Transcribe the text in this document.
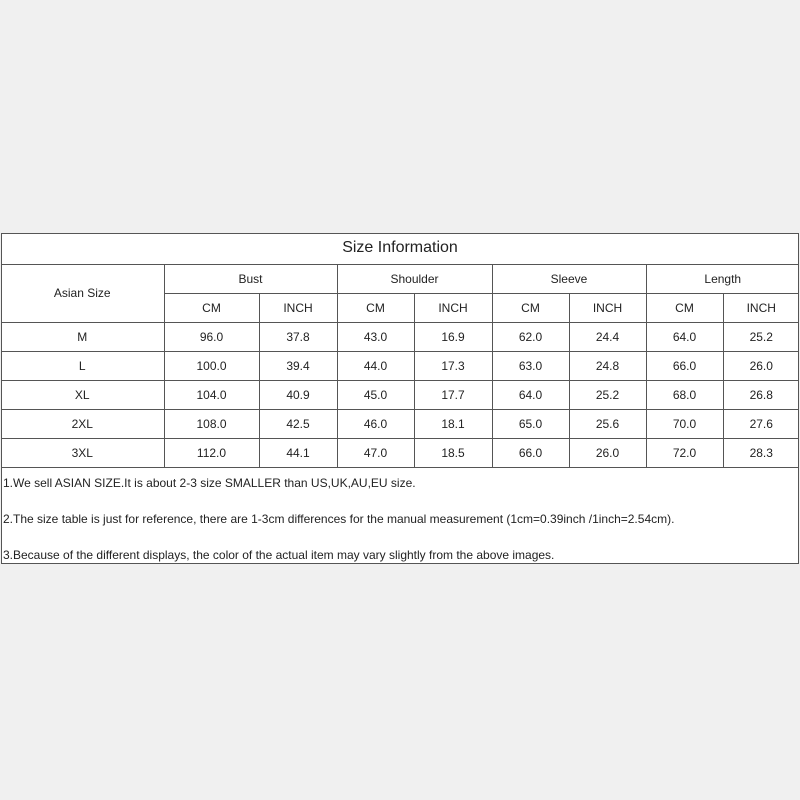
Size Information								
Asian Size	Bust		Shoulder		Sleeve		Length	
	CM	INCH	CM	INCH	CM	INCH	CM	INCH
M	96.0	37.8	43.0	16.9	62.0	24.4	64.0	25.2
L	100.0	39.4	44.0	17.3	63.0	24.8	66.0	26.0
XL	104.0	40.9	45.0	17.7	64.0	25.2	68.0	26.8
2XL	108.0	42.5	46.0	18.1	65.0	25.6	70.0	27.6
3XL	112.0	44.1	47.0	18.5	66.0	26.0	72.0	28.3
1.We sell ASIAN SIZE.It is about 2-3 size SMALLER than US,UK,AU,EU size.
2.The size table is just for reference, there are 1-3cm differences for the manual measurement (1cm=0.39inch /1inch=2.54cm).
3.Because of the different displays, the color of the actual item may vary slightly from the above images.
